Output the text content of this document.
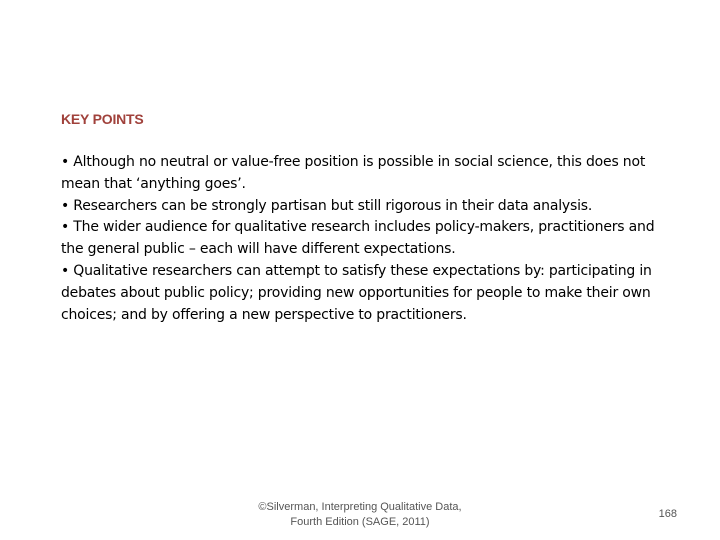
KEY POINTS

• Although no neutral or value-free position is possible in social science, this does not mean that ‘anything goes’.

• Researchers can be strongly partisan but still rigorous in their data analysis.

• The wider audience for qualitative research includes policy-makers, practitioners and the general public – each will have different expectations.

• Qualitative researchers can attempt to satisfy these expectations by: participating in debates about public policy; providing new opportunities for people to make their own choices; and by offering a new perspective to practitioners.

©Silverman, Interpreting Qualitative Data,
Fourth Edition (SAGE, 2011)
168
